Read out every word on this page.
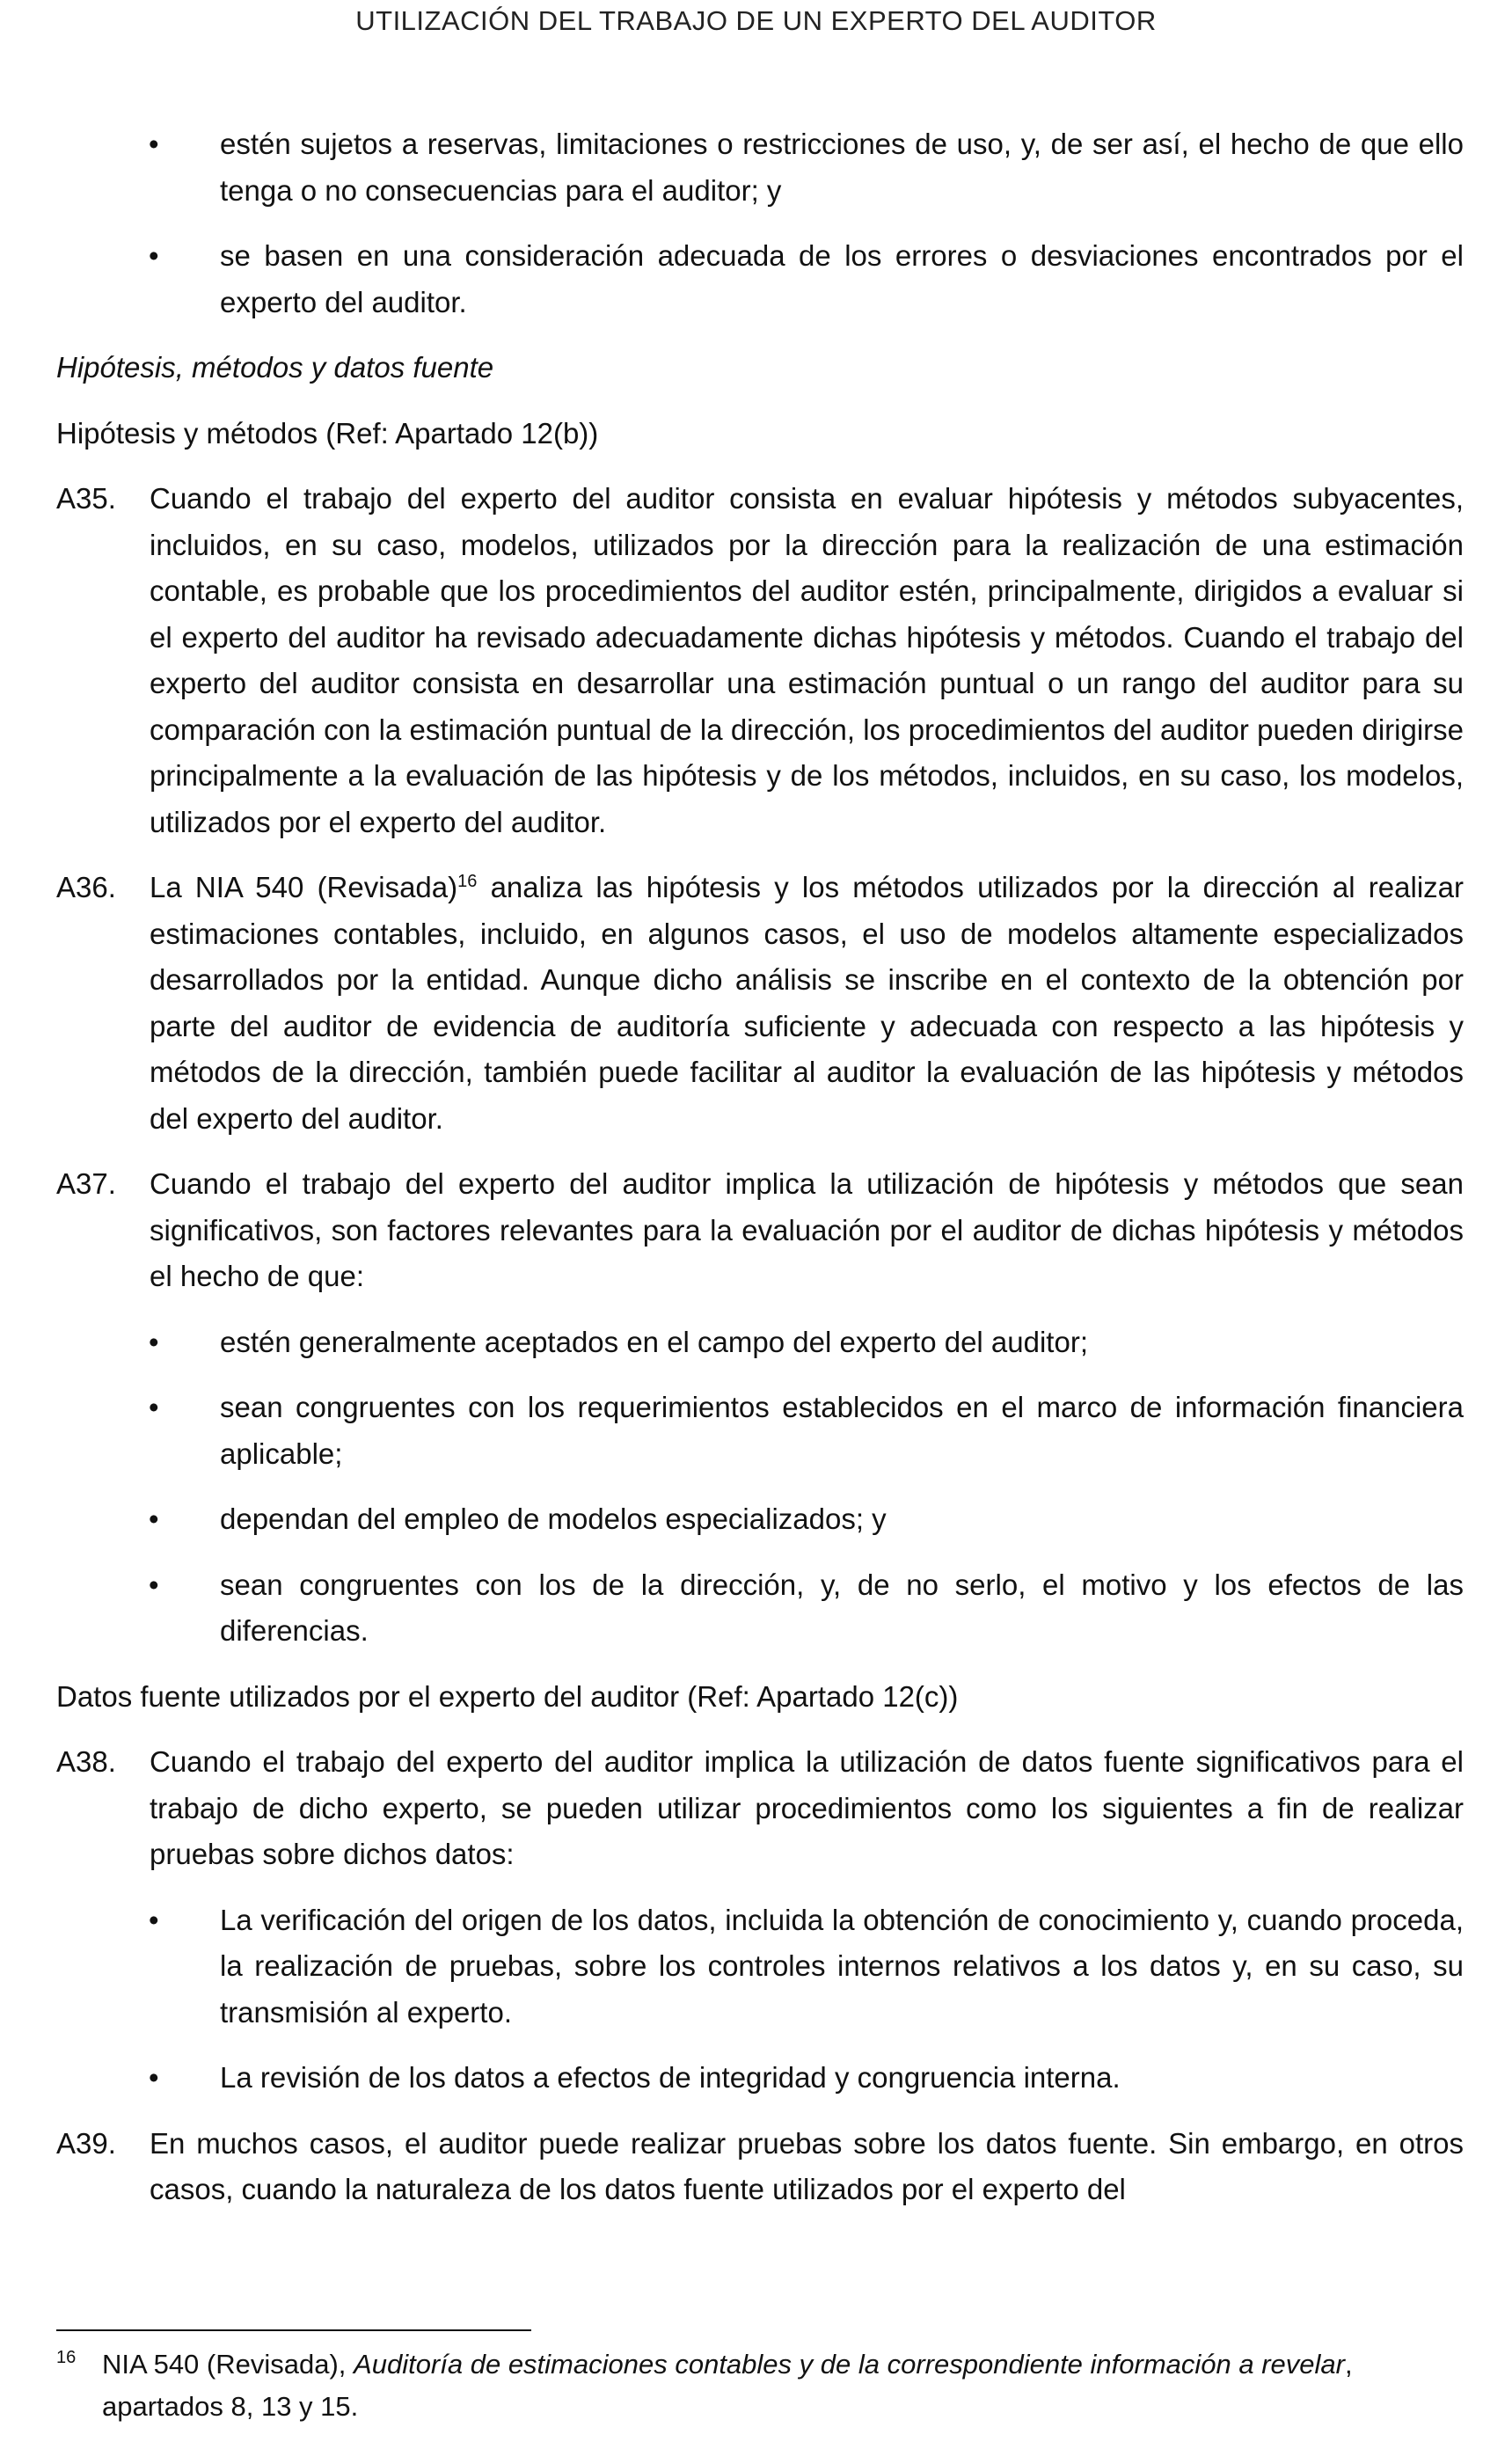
UTILIZACIÓN DEL TRABAJO DE UN EXPERTO DEL AUDITOR
• estén sujetos a reservas, limitaciones o restricciones de uso, y, de ser así, el hecho de que ello tenga o no consecuencias para el auditor; y
• se basen en una consideración adecuada de los errores o desviaciones encontrados por el experto del auditor.
Hipótesis, métodos y datos fuente
Hipótesis y métodos (Ref: Apartado 12(b))
A35. Cuando el trabajo del experto del auditor consista en evaluar hipótesis y métodos subyacentes, incluidos, en su caso, modelos, utilizados por la dirección para la realización de una estimación contable, es probable que los procedimientos del auditor estén, principalmente, dirigidos a evaluar si el experto del auditor ha revisado adecuadamente dichas hipótesis y métodos. Cuando el trabajo del experto del auditor consista en desarrollar una estimación puntual o un rango del auditor para su comparación con la estimación puntual de la dirección, los procedimientos del auditor pueden dirigirse principalmente a la evaluación de las hipótesis y de los métodos, incluidos, en su caso, los modelos, utilizados por el experto del auditor.
A36. La NIA 540 (Revisada)$^{16}$ analiza las hipótesis y los métodos utilizados por la dirección al realizar estimaciones contables, incluido, en algunos casos, el uso de modelos altamente especializados desarrollados por la entidad. Aunque dicho análisis se inscribe en el contexto de la obtención por parte del auditor de evidencia de auditoría suficiente y adecuada con respecto a las hipótesis y métodos de la dirección, también puede facilitar al auditor la evaluación de las hipótesis y métodos del experto del auditor.
A37. Cuando el trabajo del experto del auditor implica la utilización de hipótesis y métodos que sean significativos, son factores relevantes para la evaluación por el auditor de dichas hipótesis y métodos el hecho de que:
• estén generalmente aceptados en el campo del experto del auditor;
• sean congruentes con los requerimientos establecidos en el marco de información financiera aplicable;
• dependan del empleo de modelos especializados; y
• sean congruentes con los de la dirección, y, de no serlo, el motivo y los efectos de las diferencias.
Datos fuente utilizados por el experto del auditor (Ref: Apartado 12(c))
A38. Cuando el trabajo del experto del auditor implica la utilización de datos fuente significativos para el trabajo de dicho experto, se pueden utilizar procedimientos como los siguientes a fin de realizar pruebas sobre dichos datos:
• La verificación del origen de los datos, incluida la obtención de conocimiento y, cuando proceda, la realización de pruebas, sobre los controles internos relativos a los datos y, en su caso, su transmisión al experto.
• La revisión de los datos a efectos de integridad y congruencia interna.
A39. En muchos casos, el auditor puede realizar pruebas sobre los datos fuente. Sin embargo, en otros casos, cuando la naturaleza de los datos fuente utilizados por el experto del
16 NIA 540 (Revisada), Auditoría de estimaciones contables y de la correspondiente información a revelar, apartados 8, 13 y 15.
